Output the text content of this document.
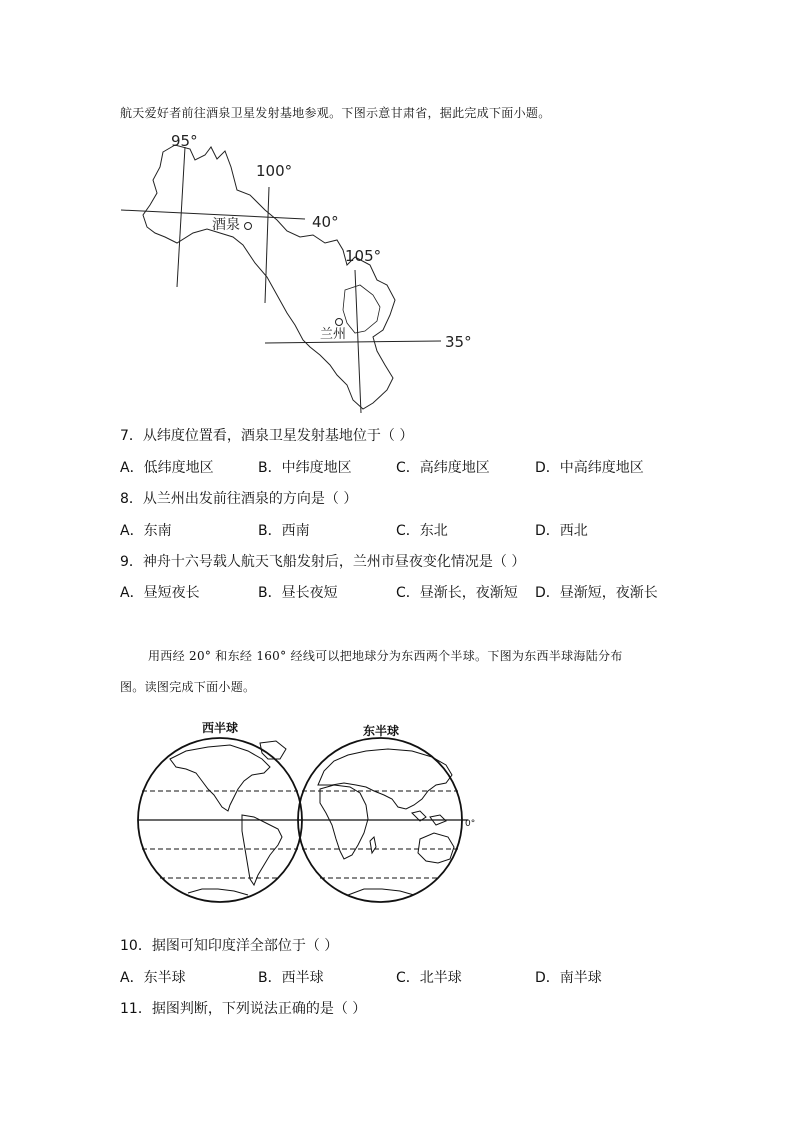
航天爱好者前往酒泉卫星发射基地参观。下图示意甘肃省，据此完成下面小题。
95°
100°
40°
105°
35°
酒泉
兰州
7．从纬度位置看，酒泉卫星发射基地位于（ ）
A．低纬度地区	B．中纬度地区	C．高纬度地区	D．中高纬度地区
8．从兰州出发前往酒泉的方向是（ ）
A．东南	B．西南	C．东北	D．西北
9．神舟十六号载人航天飞船发射后，兰州市昼夜变化情况是（ ）
A．昼短夜长	B．昼长夜短	C．昼渐长，夜渐短 D．昼渐短，夜渐长
用西经 20° 和东经 160° 经线可以把地球分为东西两个半球。下图为东西半球海陆分布
图。读图完成下面小题。
西半球	东半球
0°
10．据图可知印度洋全部位于（ ）
A．东半球	B．西半球	C．北半球	D．南半球
11．据图判断，下列说法正确的是（ ）
